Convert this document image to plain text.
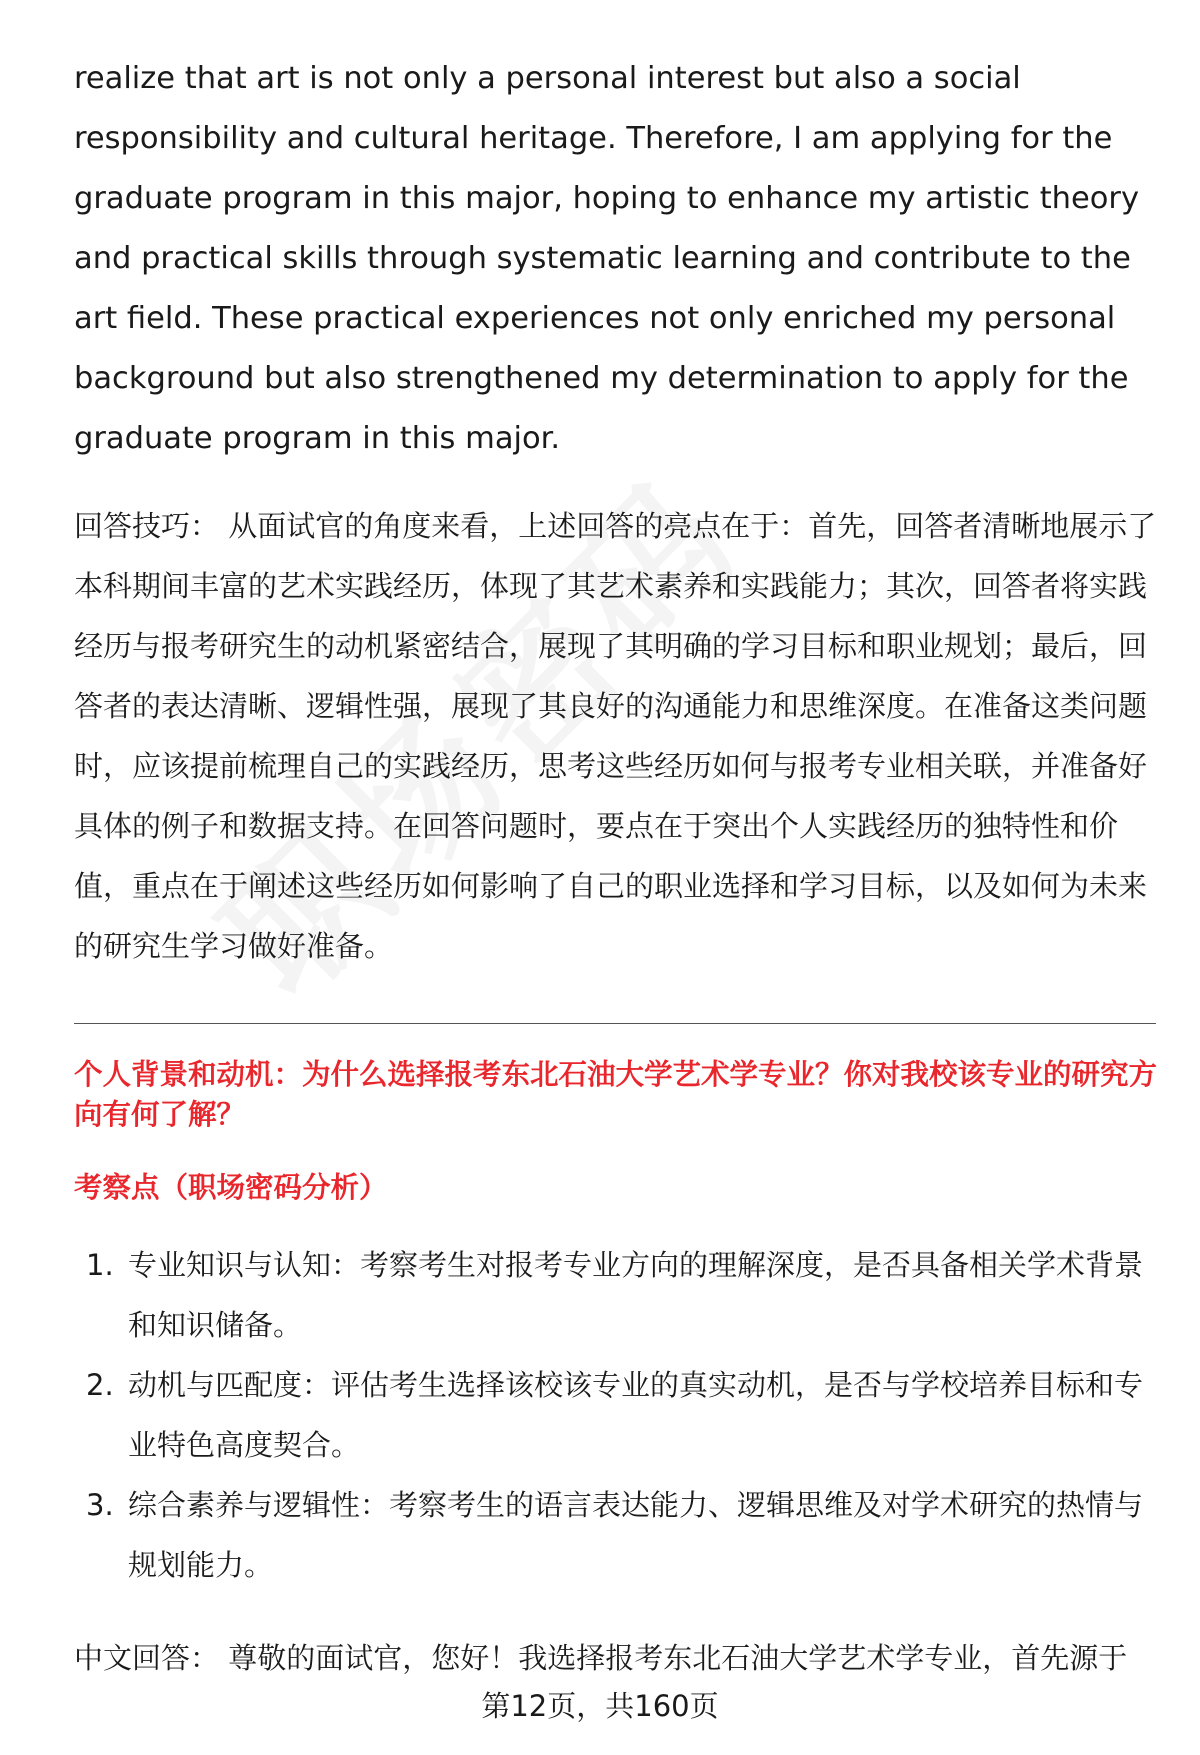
realize that art is not only a personal interest but also a social responsibility and cultural heritage. Therefore, I am applying for the graduate program in this major, hoping to enhance my artistic theory and practical skills through systematic learning and contribute to the art field. These practical experiences not only enriched my personal background but also strengthened my determination to apply for the graduate program in this major.

回答技巧： 从面试官的角度来看，上述回答的亮点在于：首先，回答者清晰地展示了本科期间丰富的艺术实践经历，体现了其艺术素养和实践能力；其次，回答者将实践经历与报考研究生的动机紧密结合，展现了其明确的学习目标和职业规划；最后，回答者的表达清晰、逻辑性强，展现了其良好的沟通能力和思维深度。在准备这类问题时，应该提前梳理自己的实践经历，思考这些经历如何与报考专业相关联，并准备好具体的例子和数据支持。在回答问题时，要点在于突出个人实践经历的独特性和价值，重点在于阐述这些经历如何影响了自己的职业选择和学习目标，以及如何为未来的研究生学习做好准备。

个人背景和动机：为什么选择报考东北石油大学艺术学专业？你对我校该专业的研究方向有何了解？

考察点（职场密码分析）

1. 专业知识与认知：考察考生对报考专业方向的理解深度，是否具备相关学术背景和知识储备。
2. 动机与匹配度：评估考生选择该校该专业的真实动机，是否与学校培养目标和专业特色高度契合。
3. 综合素养与逻辑性：考察考生的语言表达能力、逻辑思维及对学术研究的热情与规划能力。

中文回答： 尊敬的面试官，您好！我选择报考东北石油大学艺术学专业，首先源于

第12页，共160页
